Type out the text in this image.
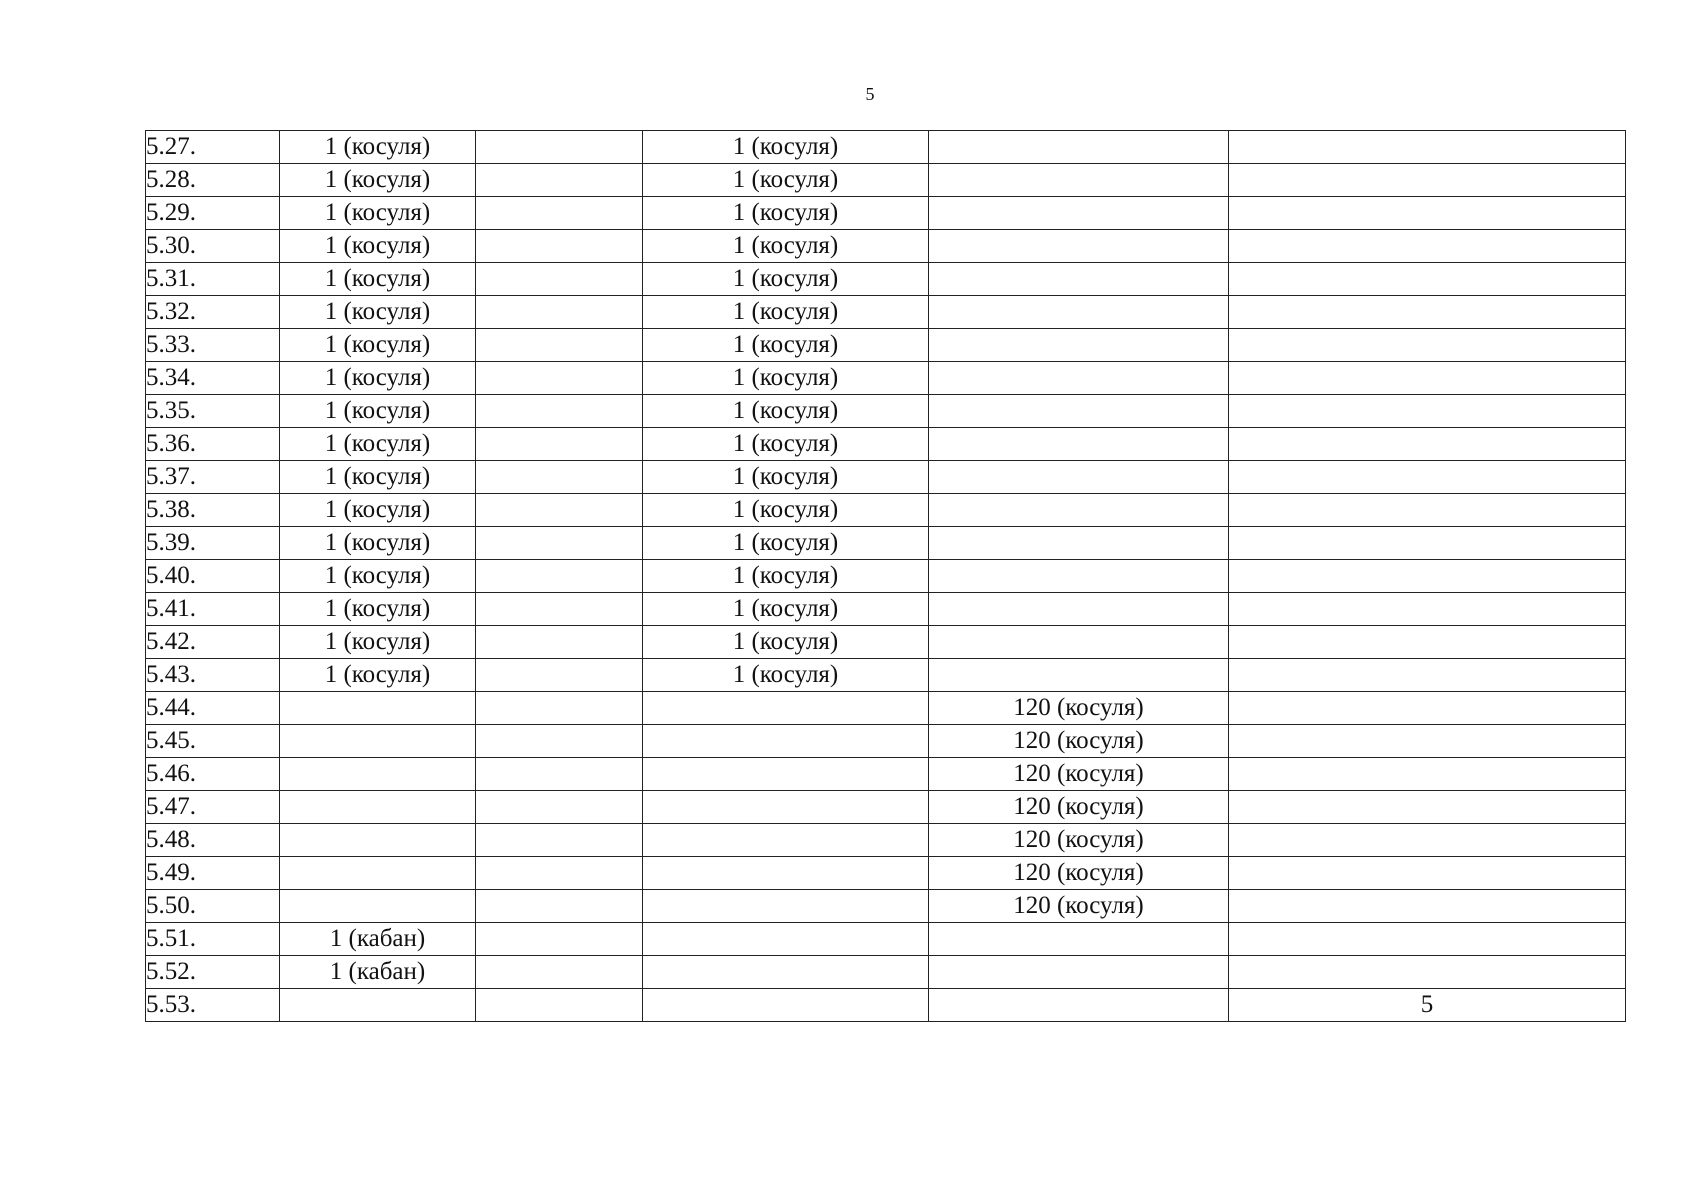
5
5.27.	1 (косуля)		1 (косуля)		
5.28.	1 (косуля)		1 (косуля)		
5.29.	1 (косуля)		1 (косуля)		
5.30.	1 (косуля)		1 (косуля)		
5.31.	1 (косуля)		1 (косуля)		
5.32.	1 (косуля)		1 (косуля)		
5.33.	1 (косуля)		1 (косуля)		
5.34.	1 (косуля)		1 (косуля)		
5.35.	1 (косуля)		1 (косуля)		
5.36.	1 (косуля)		1 (косуля)		
5.37.	1 (косуля)		1 (косуля)		
5.38.	1 (косуля)		1 (косуля)		
5.39.	1 (косуля)		1 (косуля)		
5.40.	1 (косуля)		1 (косуля)		
5.41.	1 (косуля)		1 (косуля)		
5.42.	1 (косуля)		1 (косуля)		
5.43.	1 (косуля)		1 (косуля)		
5.44.				120 (косуля)	
5.45.				120 (косуля)	
5.46.				120 (косуля)	
5.47.				120 (косуля)	
5.48.				120 (косуля)	
5.49.				120 (косуля)	
5.50.				120 (косуля)	
5.51.	1 (кабан)				
5.52.	1 (кабан)				
5.53.					5
